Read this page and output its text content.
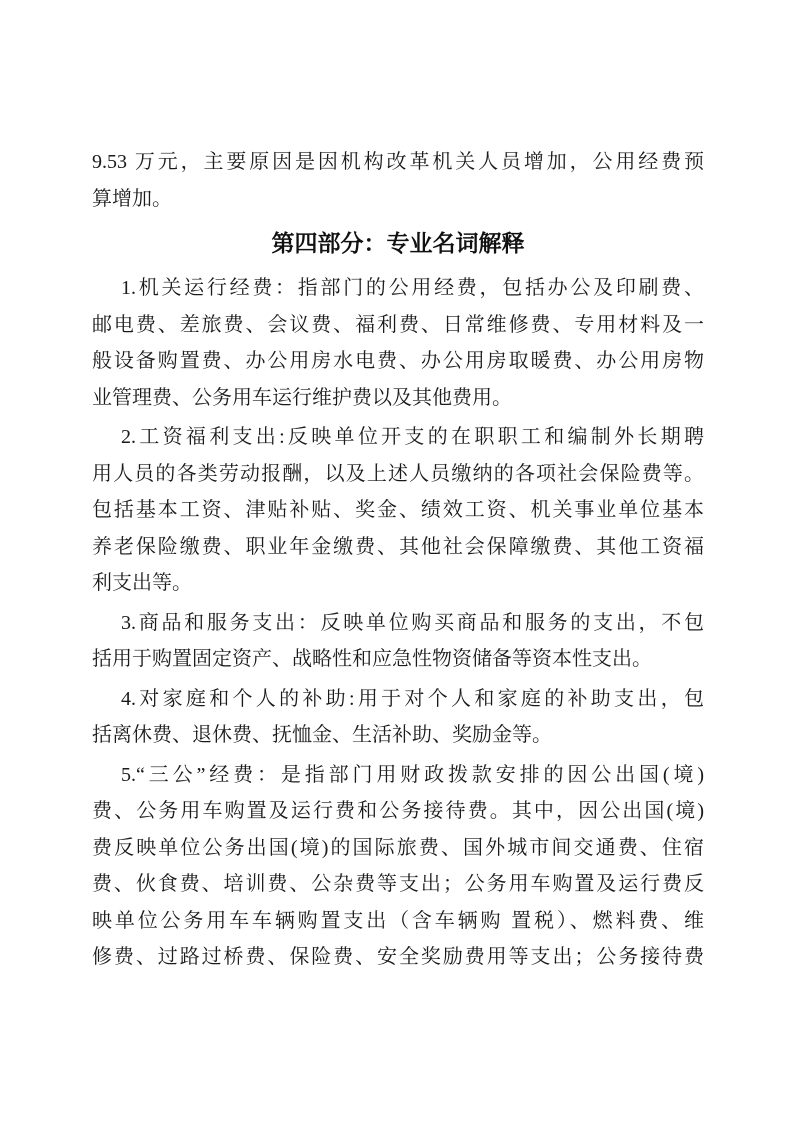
9.53 万元，主要原因是因机构改革机关人员增加，公用经费预
算增加。
第四部分：专业名词解释
1.机关运行经费：指部门的公用经费，包括办公及印刷费、
邮电费、差旅费、会议费、福利费、日常维修费、专用材料及一
般设备购置费、办公用房水电费、办公用房取暖费、办公用房物
业管理费、公务用车运行维护费以及其他费用。
2.工资福利支出:反映单位开支的在职职工和编制外长期聘
用人员的各类劳动报酬，以及上述人员缴纳的各项社会保险费等。
包括基本工资、津贴补贴、奖金、绩效工资、机关事业单位基本
养老保险缴费、职业年金缴费、其他社会保障缴费、其他工资福
利支出等。
3.商品和服务支出：反映单位购买商品和服务的支出，不包
括用于购置固定资产、战略性和应急性物资储备等资本性支出。
4.对家庭和个人的补助:用于对个人和家庭的补助支出，包
括离休费、退休费、抚恤金、生活补助、奖励金等。
5.“三公”经费：是指部门用财政拨款安排的因公出国(境)
费、公务用车购置及运行费和公务接待费。其中，因公出国(境)
费反映单位公务出国(境)的国际旅费、国外城市间交通费、住宿
费、伙食费、培训费、公杂费等支出；公务用车购置及运行费反
映单位公务用车车辆购置支出（含车辆购 置税）、燃料费、维
修费、过路过桥费、保险费、安全奖励费用等支出；公务接待费
